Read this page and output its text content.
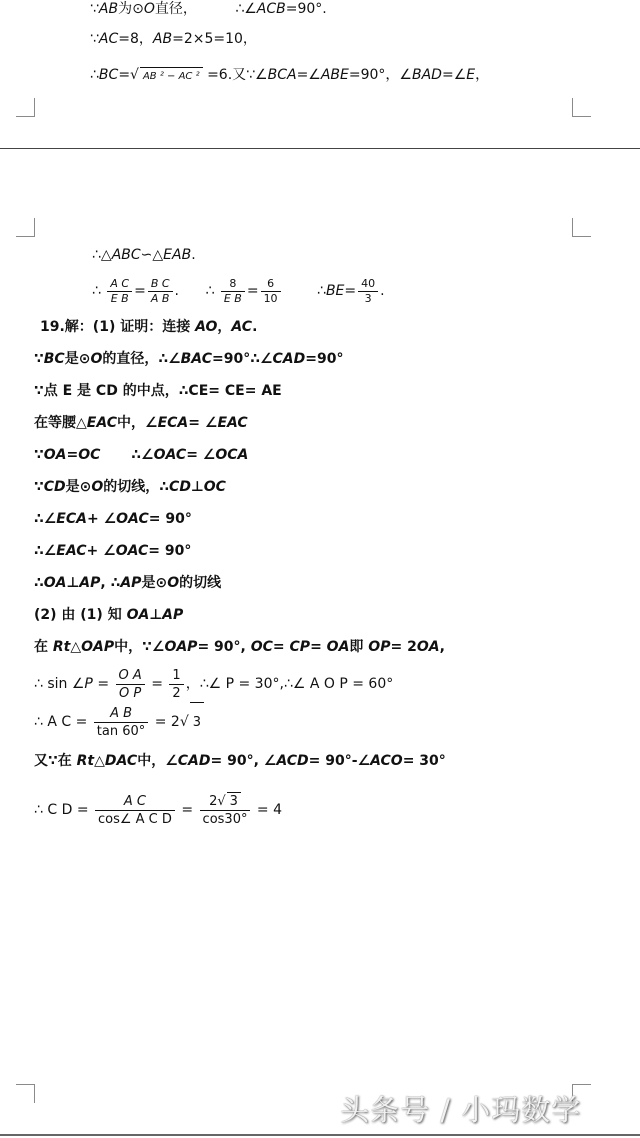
∵AB为⊙O直径，	∴∠ACB=90°.
∵AC=8，AB=2×5=10，
∴BC=√ AB ² − AC ² =6.又∵∠BCA=∠ABE=90°，∠BAD=∠E，
∴△ABC∽△EAB.
∴ $\frac{\text{A C}}{\text{E B}} = \frac{\text{B C}}{\text{A B}}$ . ∴ $\frac{8}{\text{E B}} = \frac{6}{10}$	∴BE= $\frac{40}{3}$ .
19.解：(1) 证明：连接 AO，AC.
∵BC是⊙O的直径，∴∠BAC=90°∴∠CAD=90°
∵点 E 是 CD 的中点，∴CE= CE= AE
在等腰△EAC中，∠ECA= ∠EAC
∵OA=OC ∴∠OAC= ∠OCA
∵CD是⊙O的切线，∴CD⊥OC
∴∠ECA+ ∠OAC= 90°
∴∠EAC+ ∠OAC= 90°
∴OA⊥AP, ∴AP是⊙O的切线
(2) 由 (1) 知 OA⊥AP
在 Rt△OAP中，∵∠OAP= 90°, OC= CP= OA即 OP= 2OA,
∴ sin ∠P = $\frac{\text{O A}}{\text{O P}} = \frac{1}{2}$ ，∴∠ P = 30°,∴∠ A O P = 60°
∴ A $C = \frac{\text{A B}}{\tan 60^\circ} = 2√$ 3
又∵在 Rt△DAC中，∠CAD= 90°, ∠ACD= 90°-∠ACO= 30°
∴ C $D = \frac{\text{A C}}{\text{cos∠ A C D}} = \frac{2√ 3}{\cos 30^\circ} = 4$
头条号 / 小玛数学
